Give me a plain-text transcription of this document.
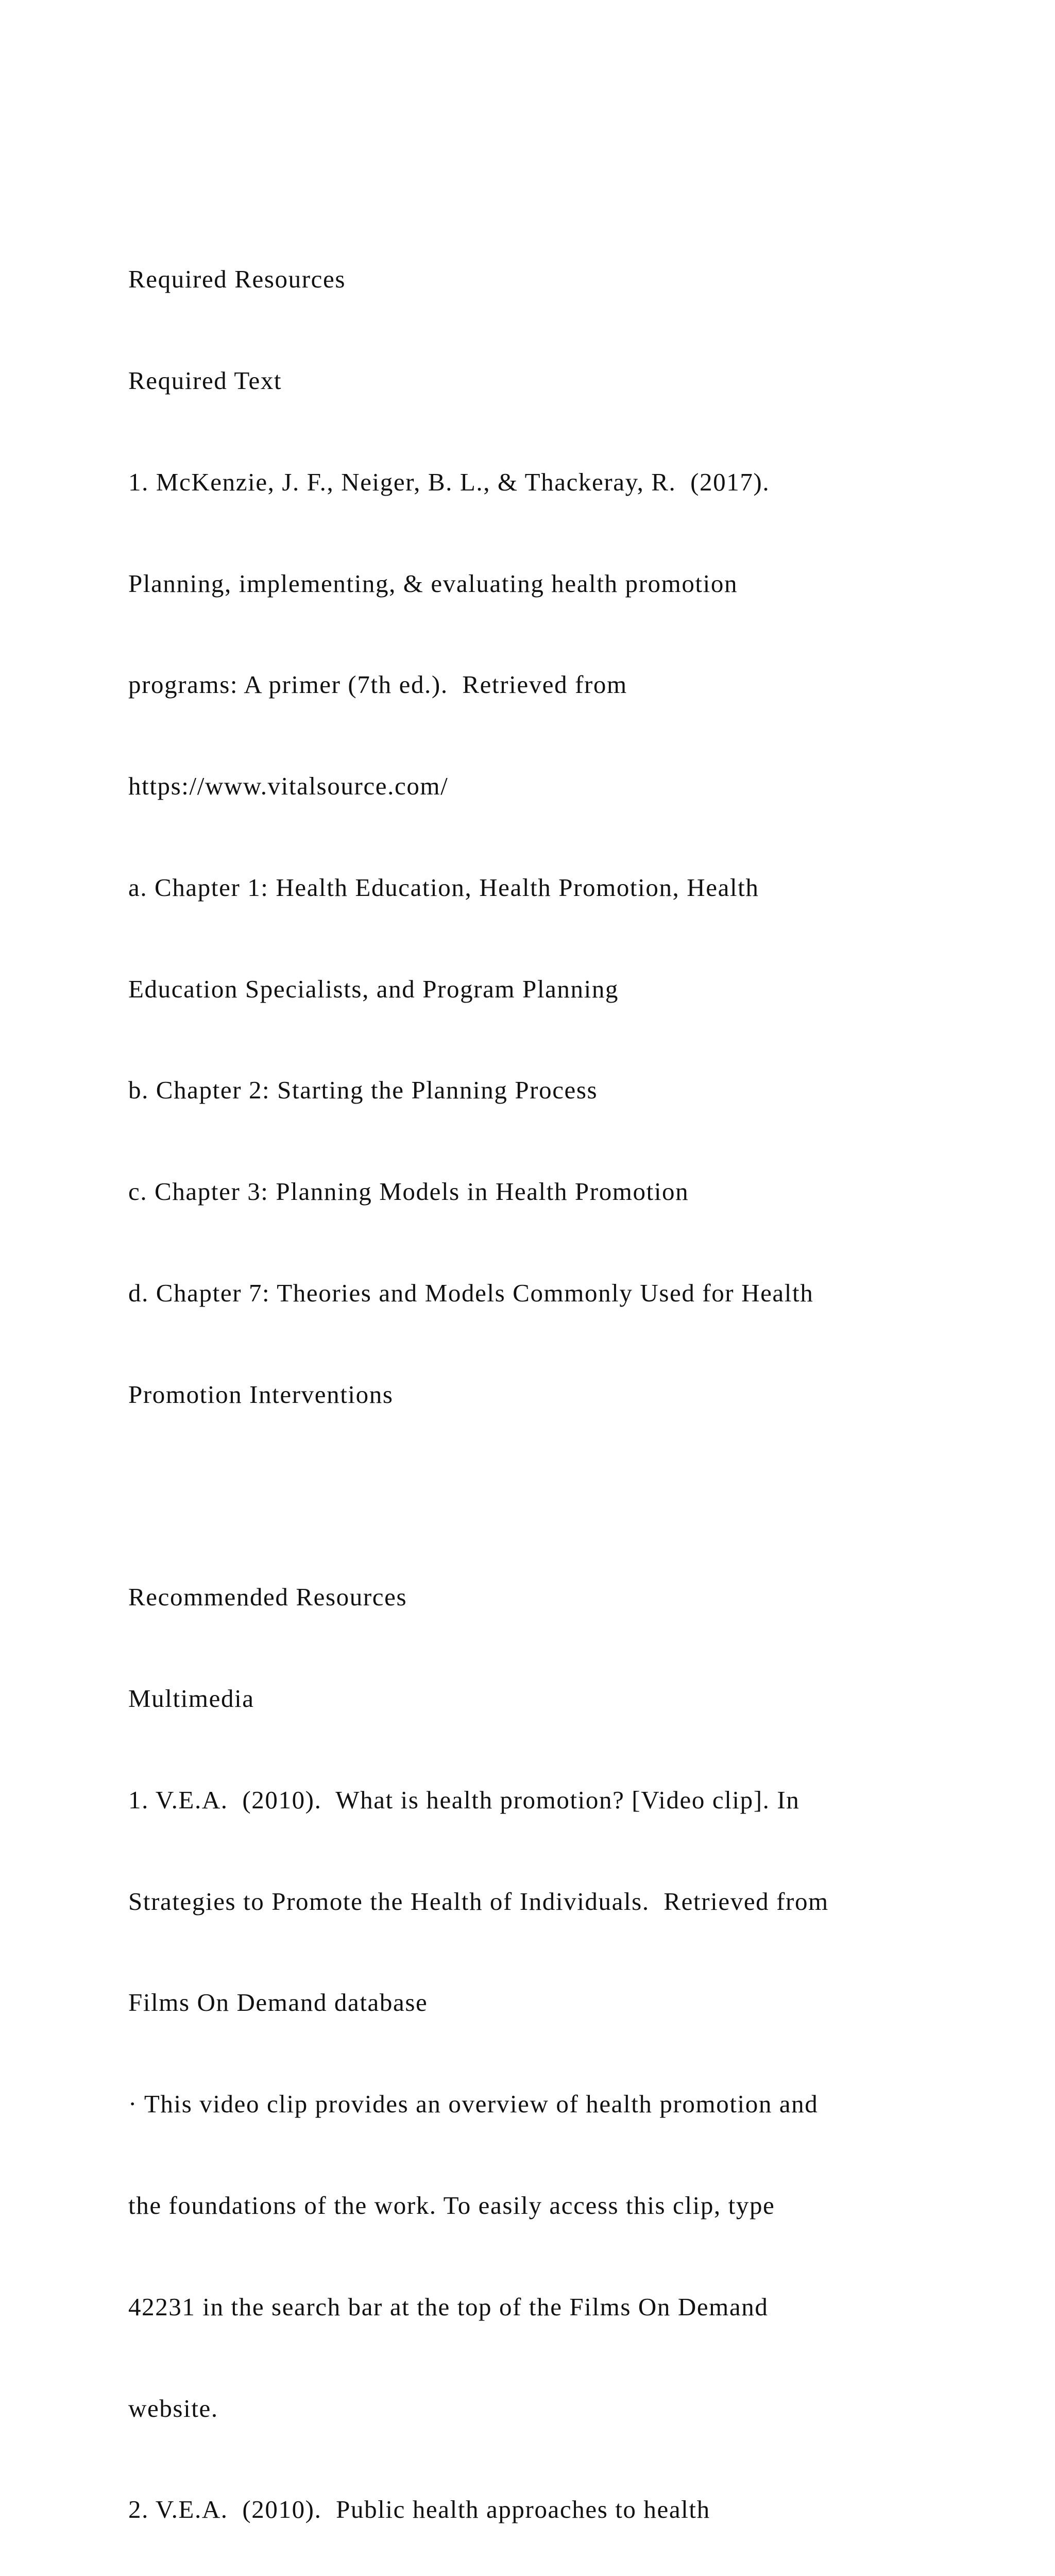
Required Resources

Required Text

1. McKenzie, J. F., Neiger, B. L., & Thackeray, R.  (2017).

Planning, implementing, & evaluating health promotion

programs: A primer (7th ed.).  Retrieved from

https://www.vitalsource.com/

a. Chapter 1: Health Education, Health Promotion, Health

Education Specialists, and Program Planning

b. Chapter 2: Starting the Planning Process

c. Chapter 3: Planning Models in Health Promotion

d. Chapter 7: Theories and Models Commonly Used for Health

Promotion Interventions

Recommended Resources

Multimedia

1. V.E.A.  (2010).  What is health promotion? [Video clip]. In

Strategies to Promote the Health of Individuals.  Retrieved from

Films On Demand database

· This video clip provides an overview of health promotion and

the foundations of the work. To easily access this clip, type

42231 in the search bar at the top of the Films On Demand

website.

2. V.E.A.  (2010).  Public health approaches to health
